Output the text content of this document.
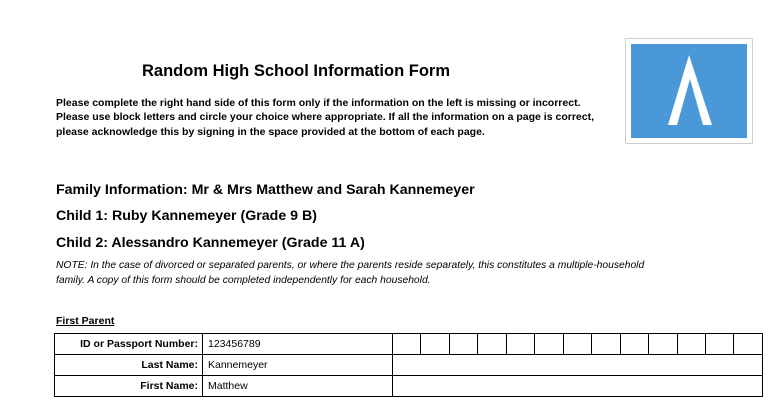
Random High School Information Form

Please complete the right hand side of this form only if the information on the left is missing or incorrect. Please use block letters and circle your choice where appropriate. If all the information on a page is correct, please acknowledge this by signing in the space provided at the bottom of each page.

Family Information: Mr & Mrs Matthew and Sarah Kannemeyer
Child 1: Ruby Kannemeyer (Grade 9 B)
Child 2: Alessandro Kannemeyer (Grade 11 A)

NOTE: In the case of divorced or separated parents, or where the parents reside separately, this constitutes a multiple-household family. A copy of this form should be completed independently for each household.

First Parent
ID or Passport Number:	123456789													
Last Name:	Kannemeyer													
First Name:	Matthew													
